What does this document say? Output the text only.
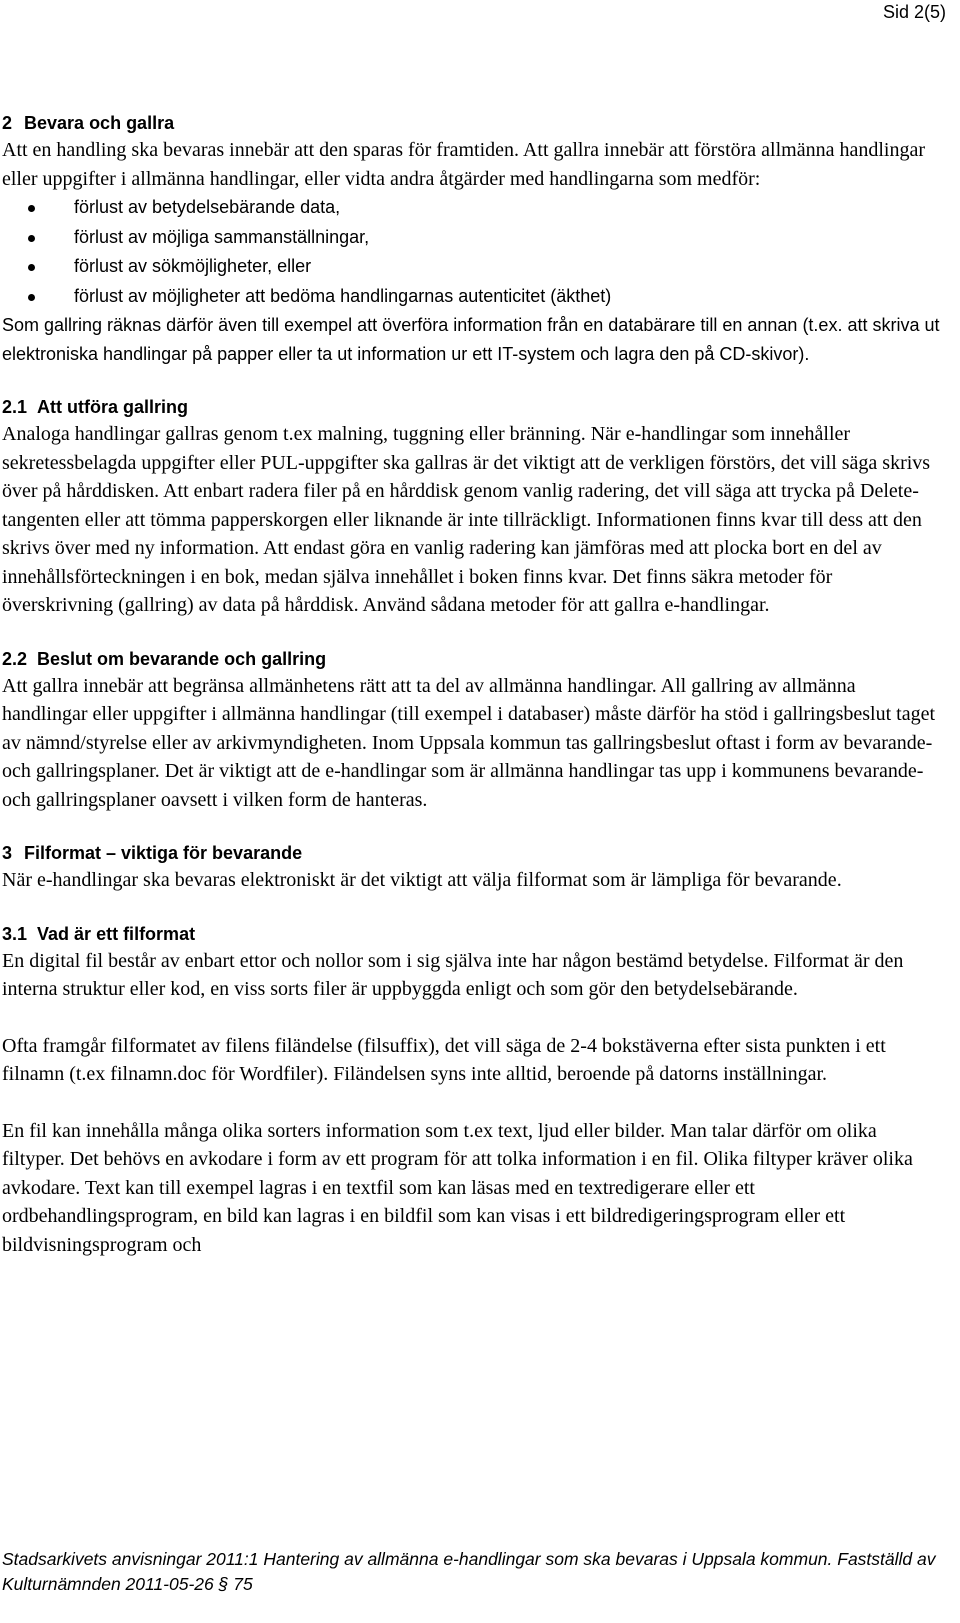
Sid 2(5)
2 Bevara och gallra

Att en handling ska bevaras innebär att den sparas för framtiden. Att gallra innebär att förstöra allmänna handlingar eller uppgifter i allmänna handlingar, eller vidta andra åtgärder med handlingarna som medför:

förlust av betydelsebärande data,
förlust av möjliga sammanställningar,
förlust av sökmöjligheter, eller
förlust av möjligheter att bedöma handlingarnas autenticitet (äkthet)

Som gallring räknas därför även till exempel att överföra information från en databärare till en annan (t.ex. att skriva ut elektroniska handlingar på papper eller ta ut information ur ett IT-system och lagra den på CD-skivor).

2.1 Att utföra gallring

Analoga handlingar gallras genom t.ex malning, tuggning eller bränning. När e-handlingar som innehåller sekretessbelagda uppgifter eller PUL-uppgifter ska gallras är det viktigt att de verkligen förstörs, det vill säga skrivs över på hårddisken. Att enbart radera filer på en hårddisk genom vanlig radering, det vill säga att trycka på Delete-tangenten eller att tömma papperskorgen eller liknande är inte tillräckligt. Informationen finns kvar till dess att den skrivs över med ny information. Att endast göra en vanlig radering kan jämföras med att plocka bort en del av innehållsförteckningen i en bok, medan själva innehållet i boken finns kvar. Det finns säkra metoder för överskrivning (gallring) av data på hårddisk. Använd sådana metoder för att gallra e-handlingar.

2.2 Beslut om bevarande och gallring

Att gallra innebär att begränsa allmänhetens rätt att ta del av allmänna handlingar. All gallring av allmänna handlingar eller uppgifter i allmänna handlingar (till exempel i databaser) måste därför ha stöd i gallringsbeslut taget av nämnd/styrelse eller av arkivmyndigheten. Inom Uppsala kommun tas gallringsbeslut oftast i form av bevarande- och gallringsplaner. Det är viktigt att de e-handlingar som är allmänna handlingar tas upp i kommunens bevarande- och gallringsplaner oavsett i vilken form de hanteras.

3 Filformat – viktiga för bevarande

När e-handlingar ska bevaras elektroniskt är det viktigt att välja filformat som är lämpliga för bevarande.

3.1 Vad är ett filformat

En digital fil består av enbart ettor och nollor som i sig själva inte har någon bestämd betydelse. Filformat är den interna struktur eller kod, en viss sorts filer är uppbyggda enligt och som gör den betydelsebärande.

Ofta framgår filformatet av filens filändelse (filsuffix), det vill säga de 2-4 bokstäverna efter sista punkten i ett filnamn (t.ex filnamn.doc för Wordfiler). Filändelsen syns inte alltid, beroende på datorns inställningar.

En fil kan innehålla många olika sorters information som t.ex text, ljud eller bilder. Man talar därför om olika filtyper. Det behövs en avkodare i form av ett program för att tolka information i en fil. Olika filtyper kräver olika avkodare. Text kan till exempel lagras i en textfil som kan läsas med en textredigerare eller ett ordbehandlingsprogram, en bild kan lagras i en bildfil som kan visas i ett bildredigeringsprogram eller ett bildvisningsprogram och

Stadsarkivets anvisningar 2011:1 Hantering av allmänna e-handlingar som ska bevaras i Uppsala kommun. Fastställd av Kulturnämnden 2011-05-26 § 75
